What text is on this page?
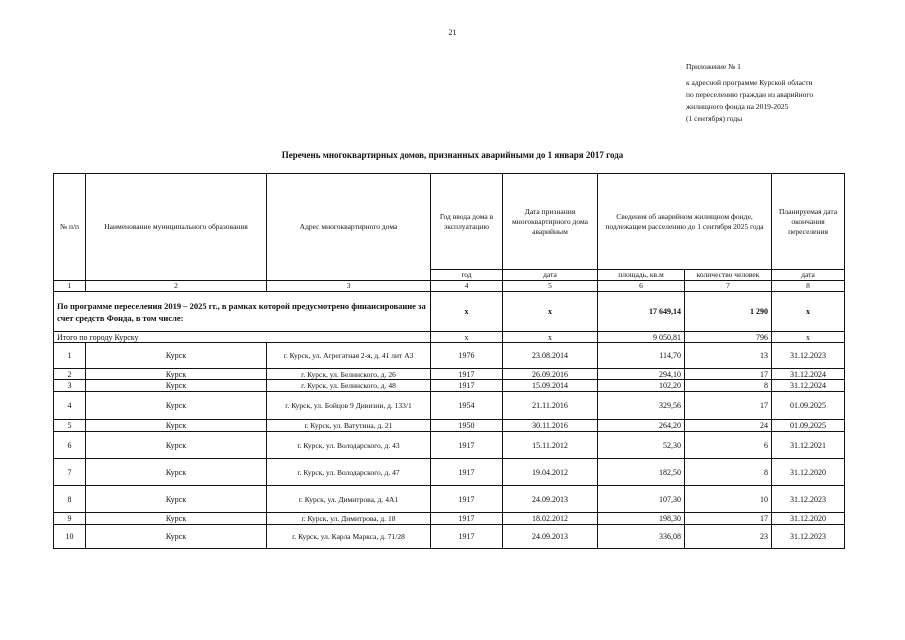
21
Приложение № 1
к адресной программе Курской области
по переселению граждан из аварийного
жилищного фонда на 2019-2025
(1 сентября) годы
Перечень многоквартирных домов, признанных аварийными до 1 января 2017 года
№ п/п	Наименование муниципального образования	Адрес многоквартирного дома	Год ввода дома в эксплуатацию	Дата признания многоквартирного дома аварийным	Сведения об аварийном жилищном фонде, подлежащем расселению до 1 сентября 2025 года		Планируемая дата окончания переселения
			год	дата	площадь, кв.м	количество человек	дата
1	2	3	4	5	6	7	8
По программе переселения 2019 – 2025 гг., в рамках которой предусмотрено финансирование за счет средств Фонда, в том числе:			х	х	17 649,14	1 290	х
Итого по городу Курску			х	х	9 050,81	796	х
1	Курск	г. Курск, ул. Агрегатная 2-я, д. 41 лит А3	1976	23.08.2014	114,70	13	31.12.2023
2	Курск	г. Курск, ул. Белинского, д. 26	1917	26.09.2016	294,10	17	31.12.2024
3	Курск	г. Курск, ул. Белинского, д. 48	1917	15.09.2014	102,20	8	31.12.2024
4	Курск	г. Курск, ул. Бойцов 9 Дивизии, д. 133/1	1954	21.11.2016	329,56	17	01.09.2025
5	Курск	г. Курск, ул. Ватутина, д. 21	1950	30.11.2016	264,20	24	01.09.2025
6	Курск	г. Курск, ул. Володарского, д. 43	1917	15.11.2012	52,30	6	31.12.2021
7	Курск	г. Курск, ул. Володарского, д. 47	1917	19.04.2012	182,50	8	31.12.2020
8	Курск	г. Курск, ул. Димитрова, д. 4А1	1917	24.09.2013	107,30	10	31.12.2023
9	Курск	г. Курск, ул. Димитрова, д. 18	1917	18.02.2012	198,30	17	31.12.2020
10	Курск	г. Курск, ул. Карла Маркса, д. 71/28	1917	24.09.2013	336,08	23	31.12.2023
